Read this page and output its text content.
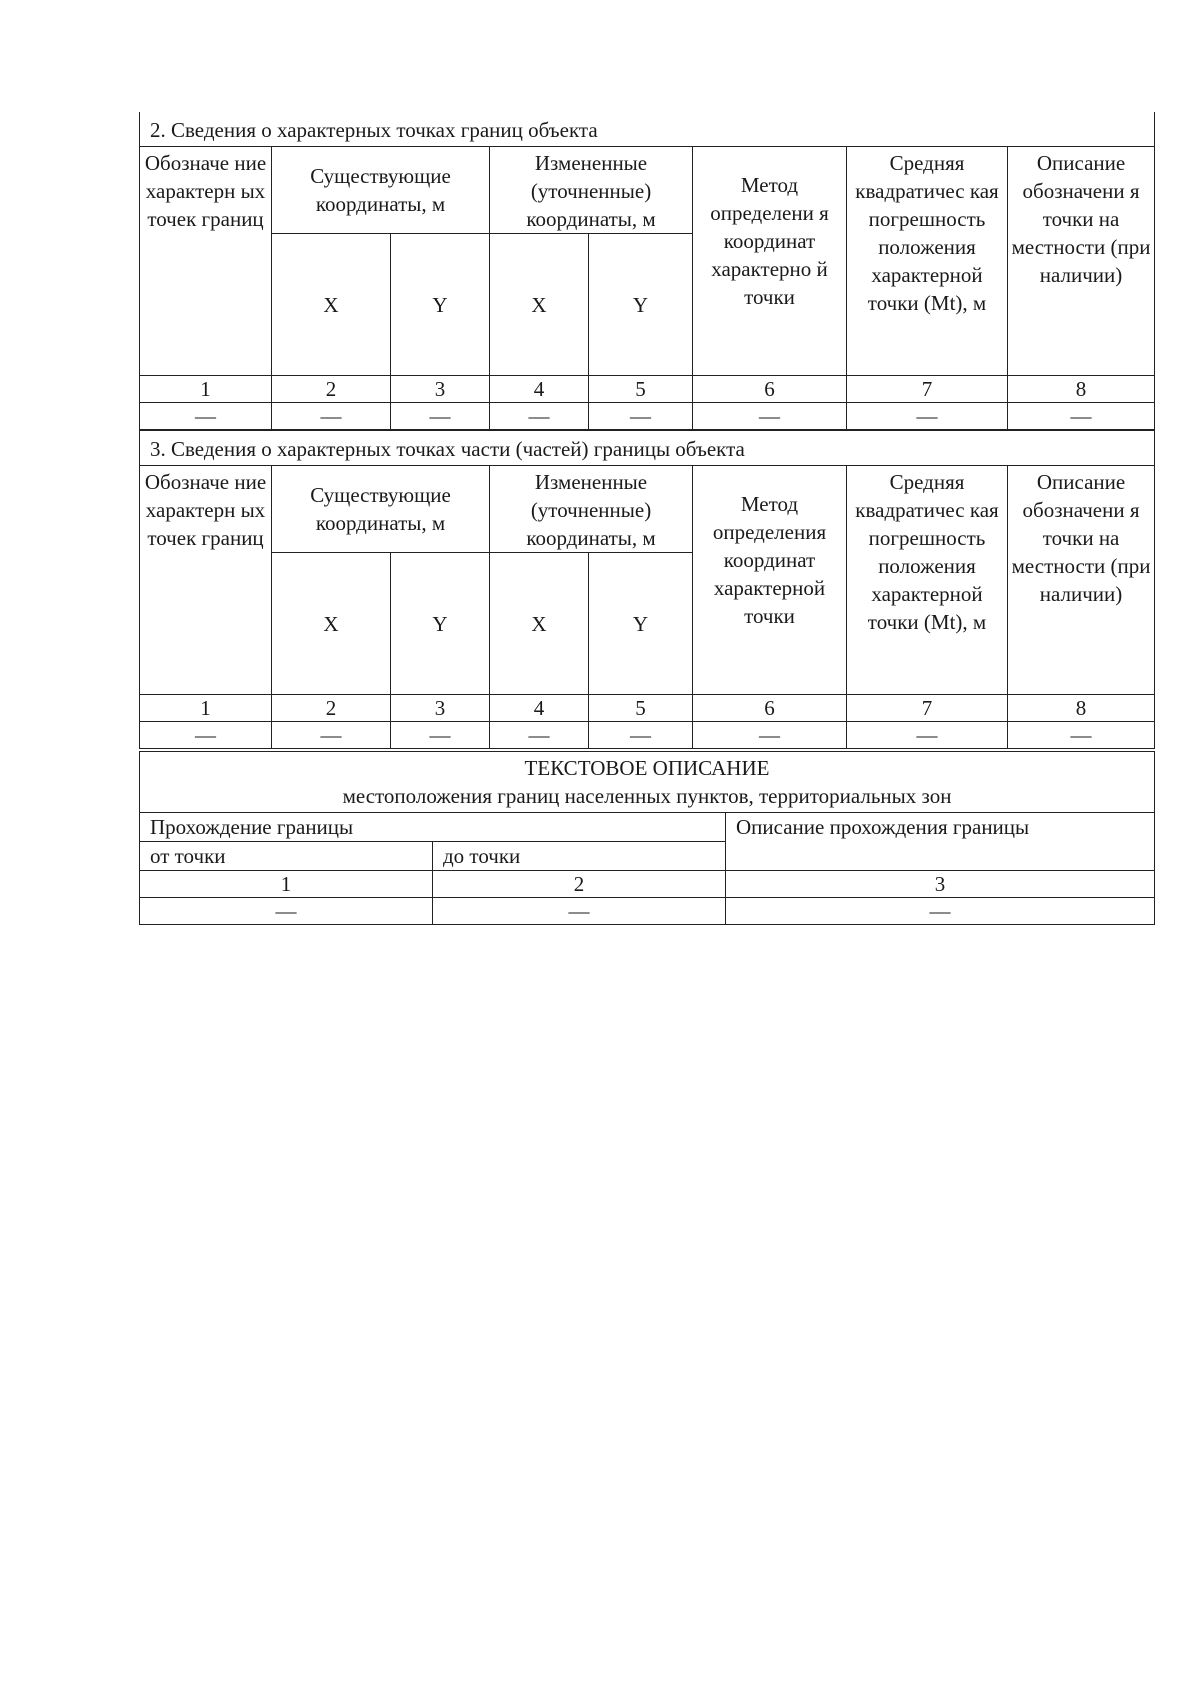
2. Сведения о характерных точках границ объекта							
Обозначе ние характерн ых точек границ	Существующие координаты, м		Измененные (уточненные) координаты, м		Метод определени я координат характерно й точки	Средняя квадратичес кая погрешность положения характерной точки (Mt), м	Описание обозначени я точки на местности (при наличии)
	X	Y	X	Y			
1	2	3	4	5	6	7	8
—	—	—	—	—	—	—	—
3. Сведения о характерных точках части (частей) границы объекта							
Обозначе ние характерн ых точек границ	Существующие координаты, м		Измененные (уточненные) координаты, м		Метод определения координат характерной точки	Средняя квадратичес кая погрешность положения характерной точки (Mt), м	Описание обозначени я точки на местности (при наличии)
	X	Y	X	Y			
1	2	3	4	5	6	7	8
—	—	—	—	—	—	—	—
ТЕКСТОВОЕ ОПИСАНИЕ
местоположения границ населенных пунктов, территориальных зон		

Прохождение границы		Описание прохождения границы
от точки	до точки	
1	2	3
—	—	—
